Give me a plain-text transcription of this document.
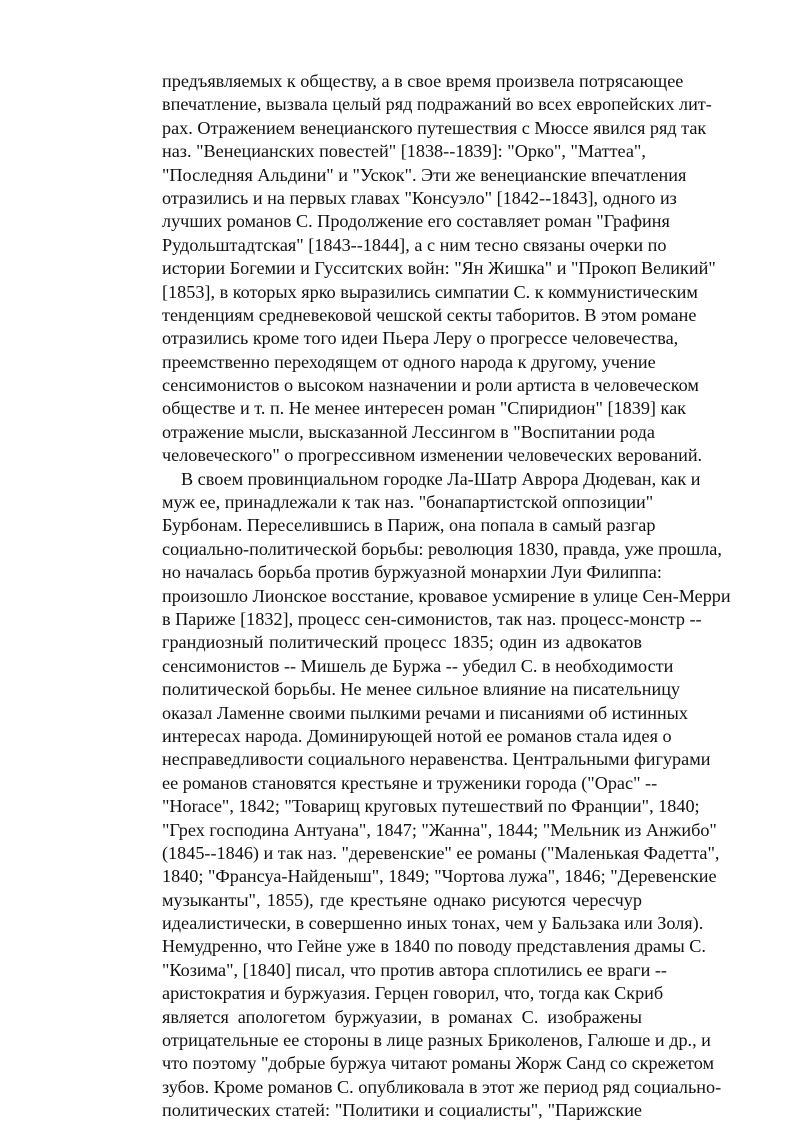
предъявляемых к обществу, а в свое время произвела потрясающее
впечатление, вызвала целый ряд подражаний во всех европейских лит-
рах. Отражением венецианского путешествия с Мюссе явился ряд так
наз. "Венецианских повестей" [1838--1839]: "Орко", "Маттеа",
"Последняя Альдини" и "Ускок". Эти же венецианские впечатления
отразились и на первых главах "Консуэло" [1842--1843], одного из
лучших романов С. Продолжение его составляет роман "Графиня
Рудольштадтская" [1843--1844], а с ним тесно связаны очерки по
истории Богемии и Гусситских войн: "Ян Жишка" и "Прокоп Великий"
[1853], в которых ярко выразились симпатии С. к коммунистическим
тенденциям средневековой чешской секты таборитов. В этом романе
отразились кроме того идеи Пьера Леру о прогрессе человечества,
преемственно переходящем от одного народа к другому, учение
сенсимонистов о высоком назначении и роли артиста в человеческом
обществе и т. п. Не менее интересен роман "Спиридион" [1839] как
отражение мысли, высказанной Лессингом в "Воспитании рода
человеческого" о прогрессивном изменении человеческих верований.
В своем провинциальном городке Ла-Шатр Аврора Дюдеван, как и
муж ее, принадлежали к так наз. "бонапартистской оппозиции"
Бурбонам. Переселившись в Париж, она попала в самый разгар
социально-политической борьбы: революция 1830, правда, уже прошла,
но началась борьба против буржуазной монархии Луи Филиппа:
произошло Лионское восстание, кровавое усмирение в улице Сен-Мерри
в Париже [1832], процесс сен-симонистов, так наз. процесс-монстр --
грандиозный политический процесс 1835; один из адвокатов
сенсимонистов -- Мишель де Буржа -- убедил С. в необходимости
политической борьбы. Не менее сильное влияние на писательницу
оказал Ламенне своими пылкими речами и писаниями об истинных
интересах народа. Доминирующей нотой ее романов стала идея о
несправедливости социального неравенства. Центральными фигурами
ее романов становятся крестьяне и труженики города ("Орас" --
"Horace", 1842; "Товарищ круговых путешествий по Франции", 1840;
"Грех господина Антуана", 1847; "Жанна", 1844; "Мельник из Анжибо"
(1845--1846) и так наз. "деревенские" ее романы ("Маленькая Фадетта",
1840; "Франсуа-Найденыш", 1849; "Чортова лужа", 1846; "Деревенские
музыканты", 1855), где крестьяне однако рисуются чересчур
идеалистически, в совершенно иных тонах, чем у Бальзака или Золя).
Немудренно, что Гейне уже в 1840 по поводу представления драмы С.
"Козима", [1840] писал, что против автора сплотились ее враги --
аристократия и буржуазия. Герцен говорил, что, тогда как Скриб
является апологетом буржуазии, в романах С. изображены
отрицательные ее стороны в лице разных Бриколенов, Галюше и др., и
что поэтому "добрые буржуа читают романы Жорж Санд со скрежетом
зубов. Кроме романов С. опубликовала в этот же период ряд социально-
политических статей: "Политики и социалисты", "Парижские
